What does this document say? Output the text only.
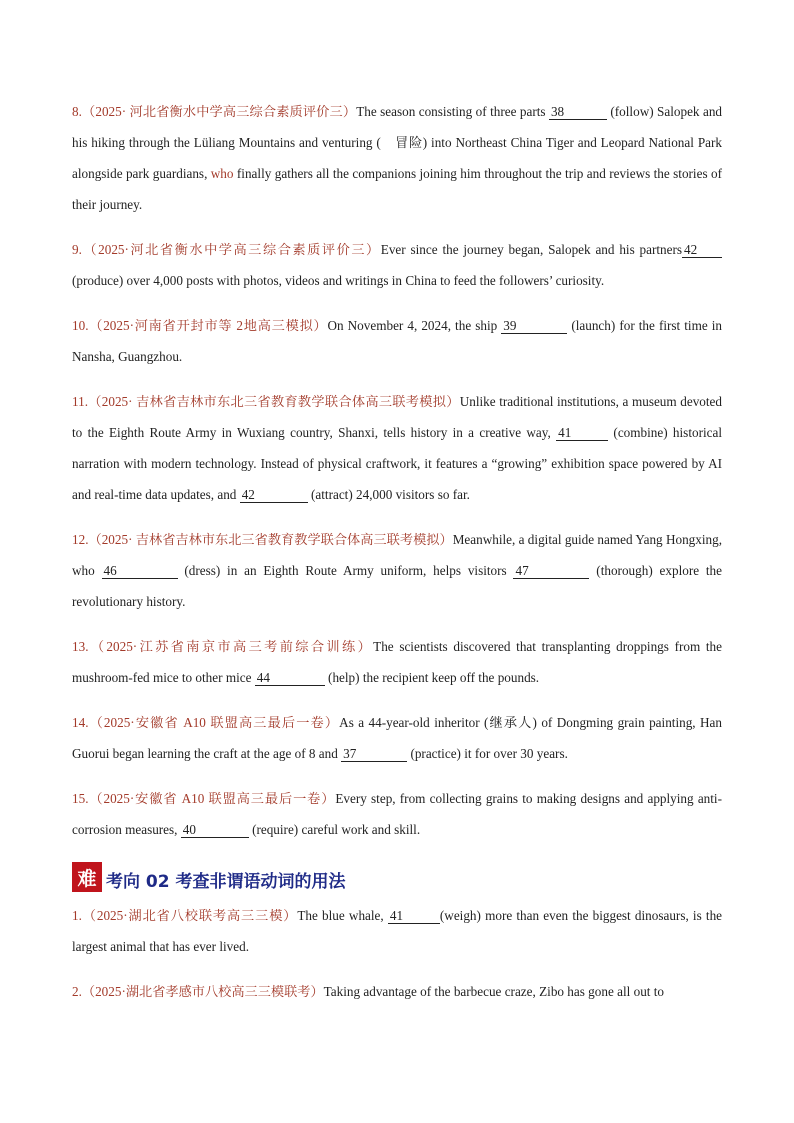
8.（2025· 河北省衡水中学高三综合素质评价三）The season consisting of three parts 38	(follow) Salopek and his hiking through the Lüliang Mountains and venturing (　冒险) into Northeast China Tiger and Leopard National Park alongside park guardians, who finally gathers all the companions joining him throughout the trip and reviews the stories of their journey.
9.（2025·河北省衡水中学高三综合素质评价三）Ever since the journey began, Salopek and his partners 42 (produce) over 4,000 posts with photos, videos and writings in China to feed the followers’ curiosity.
10.（2025·河南省开封市等 2地高三模拟）On November 4, 2024, the ship 39	(launch) for the first time in Nansha, Guangzhou.
11.（2025· 吉林省吉林市东北三省教育教学联合体高三联考模拟）Unlike traditional institutions, a museum devoted to the Eighth Route Army in Wuxiang country, Shanxi, tells history in a creative way, 41	(combine) historical narration with modern technology. Instead of physical craftwork, it features a “growing” exhibition space powered by AI and real-time data updates, and 42	(attract) 24,000 visitors so far.
12.（2025· 吉林省吉林市东北三省教育教学联合体高三联考模拟）Meanwhile, a digital guide named Yang Hongxing, who 46	(dress) in an Eighth Route Army uniform, helps visitors 47	(thorough) explore the revolutionary history.
13.（2025·江苏省南京市高三考前综合训练）The scientists discovered that transplanting droppings from the mushroom-fed mice to other mice 44	(help) the recipient keep off the pounds.
14.（2025·安徽省 A10 联盟高三最后一卷）As a 44-year-old inheritor (继承人) of Dongming grain painting, Han Guorui began learning the craft at the age of 8 and 37	(practice) it for over 30 years.
15.（2025·安徽省 A10 联盟高三最后一卷）Every step, from collecting grains to making designs and applying anti-corrosion measures, 40	(require) careful work and skill.
难 考向 02 考查非谓语动词的用法
1.（2025·湖北省八校联考高三三模）The blue whale, 41	(weigh) more than even the biggest dinosaurs, is the largest animal that has ever lived.
2.（2025·湖北省孝感市八校高三三模联考）Taking advantage of the barbecue craze, Zibo has gone all out to
